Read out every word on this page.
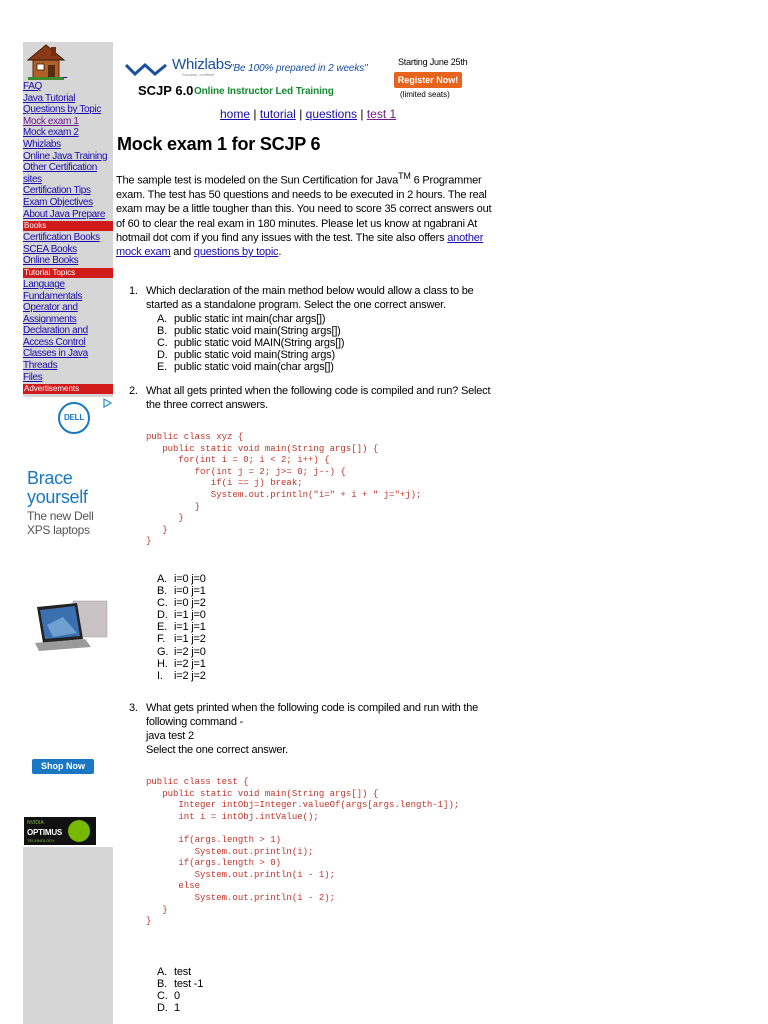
FAQ
Java Tutorial
Questions by Topic
Mock exam 1
Mock exam 2
Whizlabs
Online Java Training
Other Certification
sites
Certification Tips
Exam Objectives
About Java Prepare
Books
Certification Books
SCEA Books
Online Books
Tutorial Topics
Language
Fundamentals
Operator and
Assignments
Declaration and
Access Control
Classes in Java
Threads
Files
Advertisements
DELL
Brace
yourself
The new Dell
XPS laptops
Shop Now
NVIDIA
OPTIMUS
TECHNOLOGY
Whizlabs
Success, certified!
"Be 100% prepared in 2 weeks"
Starting June 25th
Register Now!
SCJP 6.0 Online Instructor Led Training	(limited seats)
home | tutorial | questions | test 1
Mock exam 1 for SCJP 6
The sample test is modeled on the Sun Certification for Java™ 6 Programmer exam. The test has 50 questions and needs to be executed in 2 hours. The real exam may be a little tougher than this. You need to score 35 correct answers out of 60 to clear the real exam in 180 minutes. Please let us know at ngabrani At hotmail dot com if you find any issues with the test. The site also offers another mock exam and questions by topic.
1. Which declaration of the main method below would allow a class to be started as a standalone program. Select the one correct answer.
A. public static int main(char args[])
B. public static void main(String args[])
C. public static void MAIN(String args[])
D. public static void main(String args)
E. public static void main(char args[])
2. What all gets printed when the following code is compiled and run? Select the three correct answers.
public class xyz {
public static void main(String args[]) {
for(int i = 0; i < 2; i++) {
for(int j = 2; j>= 0; j--) {
if(i == j) break;
System.out.println("i=" + i + " j="+j);
}
}
}
}
A. i=0 j=0
B. i=0 j=1
C. i=0 j=2
D. i=1 j=0
E. i=1 j=1
F. i=1 j=2
G. i=2 j=0
H. i=2 j=1
I. i=2 j=2
3. What gets printed when the following code is compiled and run with the following command -
java test 2
Select the one correct answer.
public class test {
public static void main(String args[]) {
Integer intObj=Integer.valueOf(args[args.length-1]);
int i = intObj.intValue();

if(args.length > 1)
System.out.println(i);
if(args.length > 0)
System.out.println(i - 1);
else
System.out.println(i - 2);
}
}
A. test
B. test -1
C. 0
D. 1
